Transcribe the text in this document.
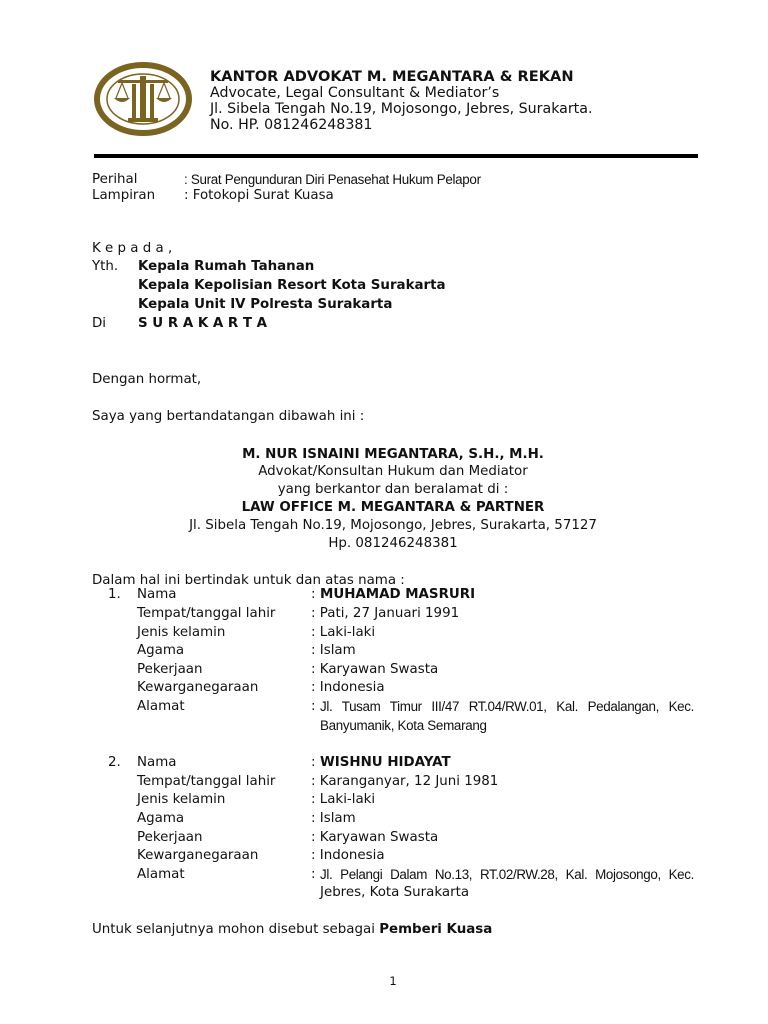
KANTOR ADVOKAT M. MEGANTARA & REKAN
Advocate, Legal Consultant & Mediator’s
Jl. Sibela Tengah No.19, Mojosongo, Jebres, Surakarta.
No. HP. 081246248381
Perihal	: Surat Pengunduran Diri Penasehat Hukum Pelapor
Lampiran : Fotokopi Surat Kuasa
K e p a d a ,
Yth. Kepala Rumah Tahanan
Kepala Kepolisian Resort Kota Surakarta
Kepala Unit IV Polresta Surakarta
Di S U R A K A R T A
Dengan hormat,
Saya yang bertandatangan dibawah ini :
M. NUR ISNAINI MEGANTARA, S.H., M.H.
Advokat/Konsultan Hukum dan Mediator
yang berkantor dan beralamat di :
LAW OFFICE M. MEGANTARA & PARTNER
Jl. Sibela Tengah No.19, Mojosongo, Jebres, Surakarta, 57127
Hp. 081246248381
Dalam hal ini bertindak untuk dan atas nama :
1. Nama	: MUHAMAD MASRURI
Tempat/tanggal lahir	: Pati, 27 Januari 1991
Jenis kelamin	: Laki-laki
Agama	: Islam
Pekerjaan	: Karyawan Swasta
Kewarganegaraan	: Indonesia
Alamat	: Jl. Tusam Timur III/47 RT.04/RW.01, Kal. Pedalangan, Kec.
Banyumanik, Kota Semarang
2. Nama	: WISHNU HIDAYAT
Tempat/tanggal lahir	: Karanganyar, 12 Juni 1981
Jenis kelamin	: Laki-laki
Agama	: Islam
Pekerjaan	: Karyawan Swasta
Kewarganegaraan	: Indonesia
Alamat	: Jl. Pelangi Dalam No.13, RT.02/RW.28, Kal. Mojosongo, Kec.
Jebres, Kota Surakarta
Untuk selanjutnya mohon disebut sebagai Pemberi Kuasa
1
